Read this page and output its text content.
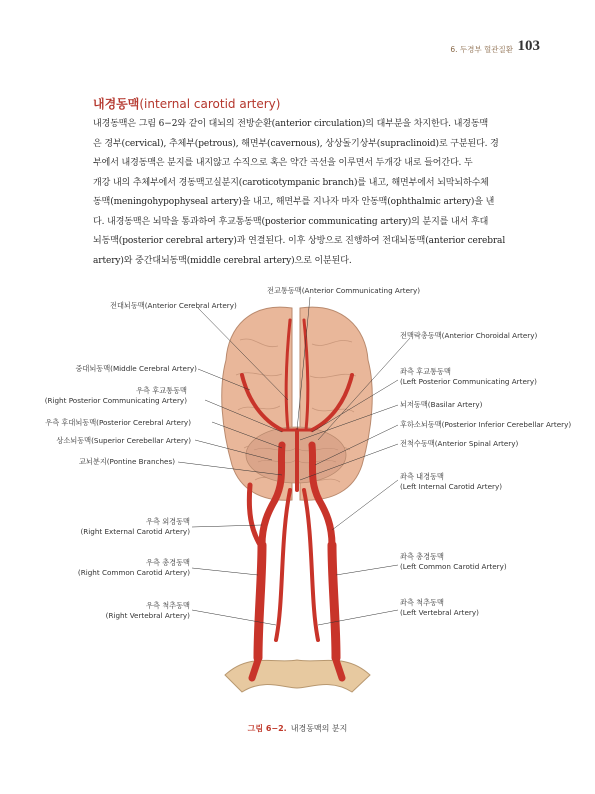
6. 두경부 혈관질환 103
내경동맥(internal carotid artery)

내경동맥은 그림 6−2와 같이 대뇌의 전방순환(anterior circulation)의 대부분을 차지한다. 내경동맥

은 경부(cervical), 추체부(petrous), 해면부(cavernous), 상상돌기상부(supraclinoid)로 구분된다. 경

부에서 내경동맥은 분지를 내지않고 수직으로 혹은 약간 곡선을 이루면서 두개강 내로 들어간다. 두

개강 내의 추체부에서 경동맥고실분지(caroticotympanic branch)를 내고, 해면부에서 뇌막뇌하수체

동맥(meningohypophyseal artery)을 내고, 해면부를 지나자 마자 안동맥(ophthalmic artery)을 낸

다. 내경동맥은 뇌막을 통과하여 후교통동맥(posterior communicating artery)의 분지를 내서 후대

뇌동맥(posterior cerebral artery)과 연결된다. 이후 상방으로 진행하여 전대뇌동맥(anterior cerebral

artery)와 중간대뇌동맥(middle cerebral artery)으로 이분된다.

전교통동맥(Anterior Communicating Artery)
전대뇌동맥(Anterior Cerebral Artery)
전맥락총동맥(Anterior Choroidal Artery)
중대뇌동맥(Middle Cerebral Artery)	좌측 후교통동맥
(Left Posterior Communicating Artery)
우측 후교통동맥
(Right Posterior Communicating Artery)	뇌저동맥(Basilar Artery)
우측 후대뇌동맥(Posterior Cerebral Artery)	후하소뇌동맥(Posterior Inferior Cerebellar Artery)
상소뇌동맥(Superior Cerebellar Artery)	전척수동맥(Anterior Spinal Artery)
교뇌분지(Pontine Branches)
좌측 내경동맥
(Left Internal Carotid Artery)
우측 외경동맥
(Right External Carotid Artery)
좌측 총경동맥
(Left Common Carotid Artery)
우측 총경동맥
(Right Common Carotid Artery)
좌측 척추동맥
(Left Vertebral Artery)
우측 척추동맥
(Right Vertebral Artery)
그림 6−2. 내경동맥의 분지
